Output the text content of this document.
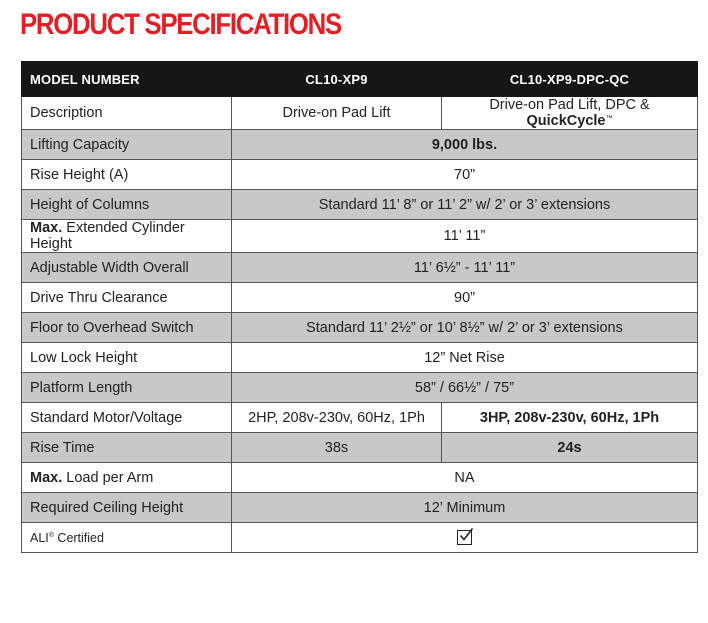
PRODUCT SPECIFICATIONS
MODEL NUMBER	CL10-XP9	CL10-XP9-DPC-QC
Description	Drive-on Pad Lift	Drive-on Pad Lift, DPC &
QuickCycle™
Lifting Capacity	9,000 lbs.	
Rise Height (A)	70”	
Height of Columns	Standard 11’ 8” or 11’ 2” w/ 2’ or 3’ extensions	
Max. Extended Cylinder Height	11’ 11”	
Adjustable Width Overall	11’ 6½” - 11’ 11”	
Drive Thru Clearance	90”	
Floor to Overhead Switch	Standard 11’ 2½” or 10’ 8½” w/ 2’ or 3’ extensions	
Low Lock Height	12” Net Rise	
Platform Length	58” / 66½” / 75”	
Standard Motor/Voltage	2HP, 208v-230v, 60Hz, 1Ph	3HP, 208v-230v, 60Hz, 1Ph
Rise Time	38s	24s
Max. Load per Arm	NA	
Required Ceiling Height	12’ Minimum	
ALI® Certified	
